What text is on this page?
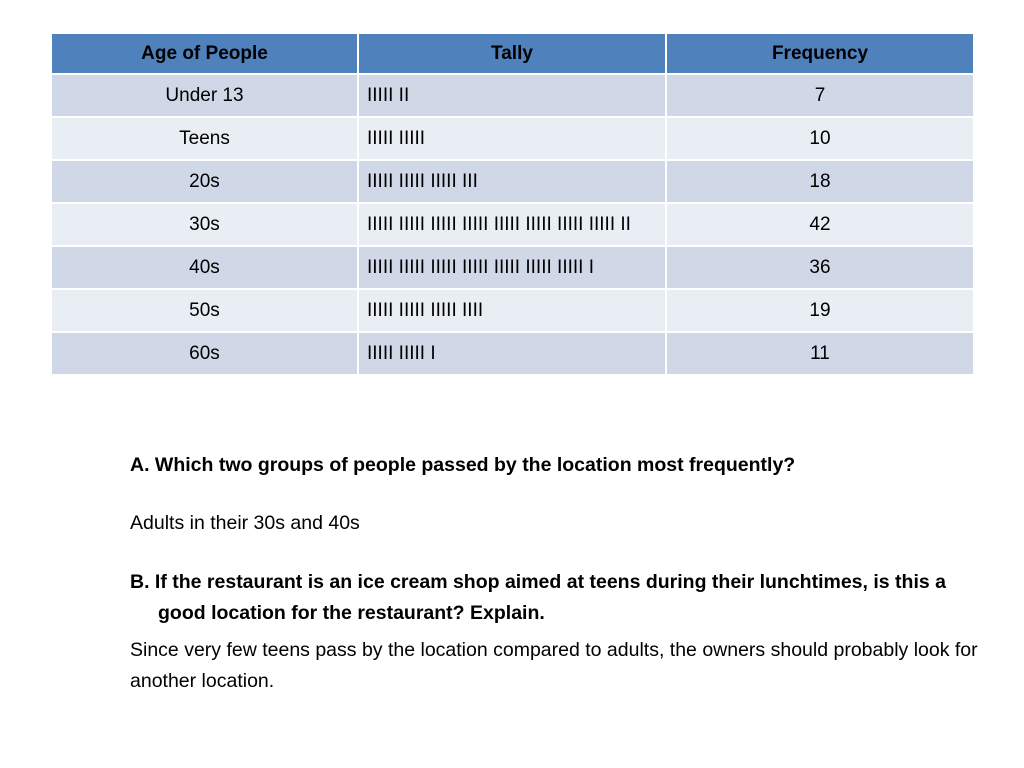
Age of People	Tally	Frequency
Under 13	IIIII II	7
Teens	IIIII IIIII	10
20s	IIIII IIIII IIIII III	18
30s	IIIII IIIII IIIII IIIII IIIII IIIII IIIII IIIII II	42
40s	IIIII IIIII IIIII IIIII IIIII IIIII IIIII I	36
50s	IIIII IIIII IIIII IIII	19
60s	IIIII IIIII I	11

A. Which two groups of people passed by the location most frequently?

Adults in their 30s and 40s

B. If the restaurant is an ice cream shop aimed at teens during their lunchtimes, is this a good location for the restaurant? Explain.

Since very few teens pass by the location compared to adults, the owners should probably look for another location.
